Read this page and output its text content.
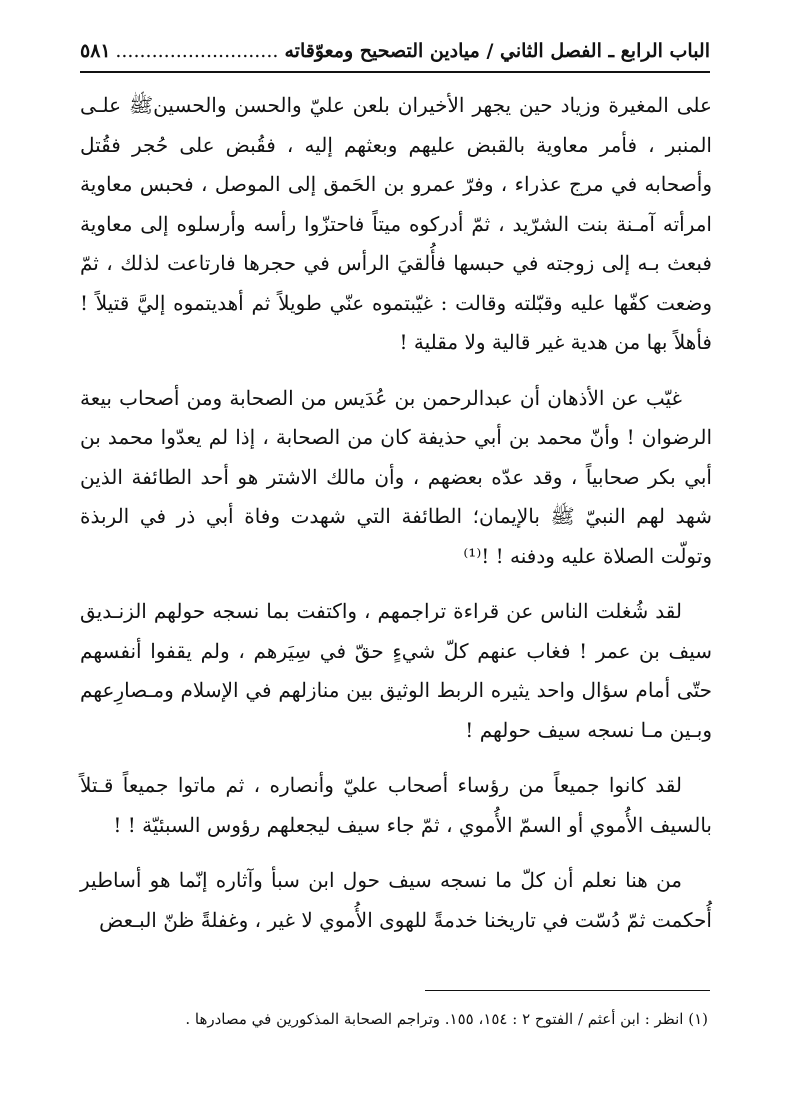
الباب الرابع ـ الفصل الثاني / ميادين التصحيح ومعوّقاته .....
٥٨١

على المغيرة وزياد حين يجهر الأخيران بلعن عليّ والحسن والحسينﷺ علـى المنبر ، فأمر معاوية بالقبض عليهم وبعثهم إليه ، فقُبض على حُجر فقُتل وأصحابه في مرج عذراء ، وفرّ عمرو بن الحَمق إلى الموصل ، فحبس معاوية امرأته آمـنة بنت الشرّيد ، ثمّ أدركوه ميتاً فاحتزّوا رأسه وأرسلوه إلى معاوية فبعث بـه إلى زوجته في حبسها فأُلقيَ الرأس في حجرها فارتاعت لذلك ، ثمّ وضعت كفّها عليه وقبّلته وقالت : غيّبتموه عنّي طويلاً ثم أهديتموه إليَّ قتيلاً ! فأهلاً بها من هدية غير قالية ولا مقلية !

غيّب عن الأذهان أن عبدالرحمن بن عُدَيس من الصحابة ومن أصحاب بيعة الرضوان ! وأنّ محمد بن أبي حذيفة كان من الصحابة ، إذا لم يعدّوا محمد بن أبي بكر صحابياً ، وقد عدّه بعضهم ، وأن مالك الاشتر هو أحد الطائفة الذين شهد لهم النبيّ ﷺ بالإيمان؛ الطائفة التي شهدت وفاة أبي ذر في الربذة وتولّت الصلاة عليه ودفنه ! !⁽¹⁾

لقد شُغلت الناس عن قراءة تراجمهم ، واكتفت بما نسجه حولهم الزنـديق سيف بن عمر ! فغاب عنهم كلّ شيءٍ حقّ في سِيَرهم ، ولم يقفوا أنفسهم حتّى أمام سؤال واحد يثيره الربط الوثيق بين منازلهم في الإسلام ومـصارِعهم وبـين مـا نسجه سيف حولهم !

لقد كانوا جميعاً من رؤساء أصحاب عليّ وأنصاره ، ثم ماتوا جميعاً قـتلاً بالسيف الأُموي أو السمّ الأُموي ، ثمّ جاء سيف ليجعلهم رؤوس السبئيّة ! !

من هنا نعلم أن كلّ ما نسجه سيف حول ابن سبأ وآثاره إنّما هو أساطير أُحكمت ثمّ دُسّت في تاريخنا خدمةً للهوى الأُموي لا غير ، وغفلةً ظنّ البـعض

(١) انظر : ابن أعثم / الفتوح ٢ : ١٥٤، ١٥٥. وتراجم الصحابة المذكورين في مصادرها .
